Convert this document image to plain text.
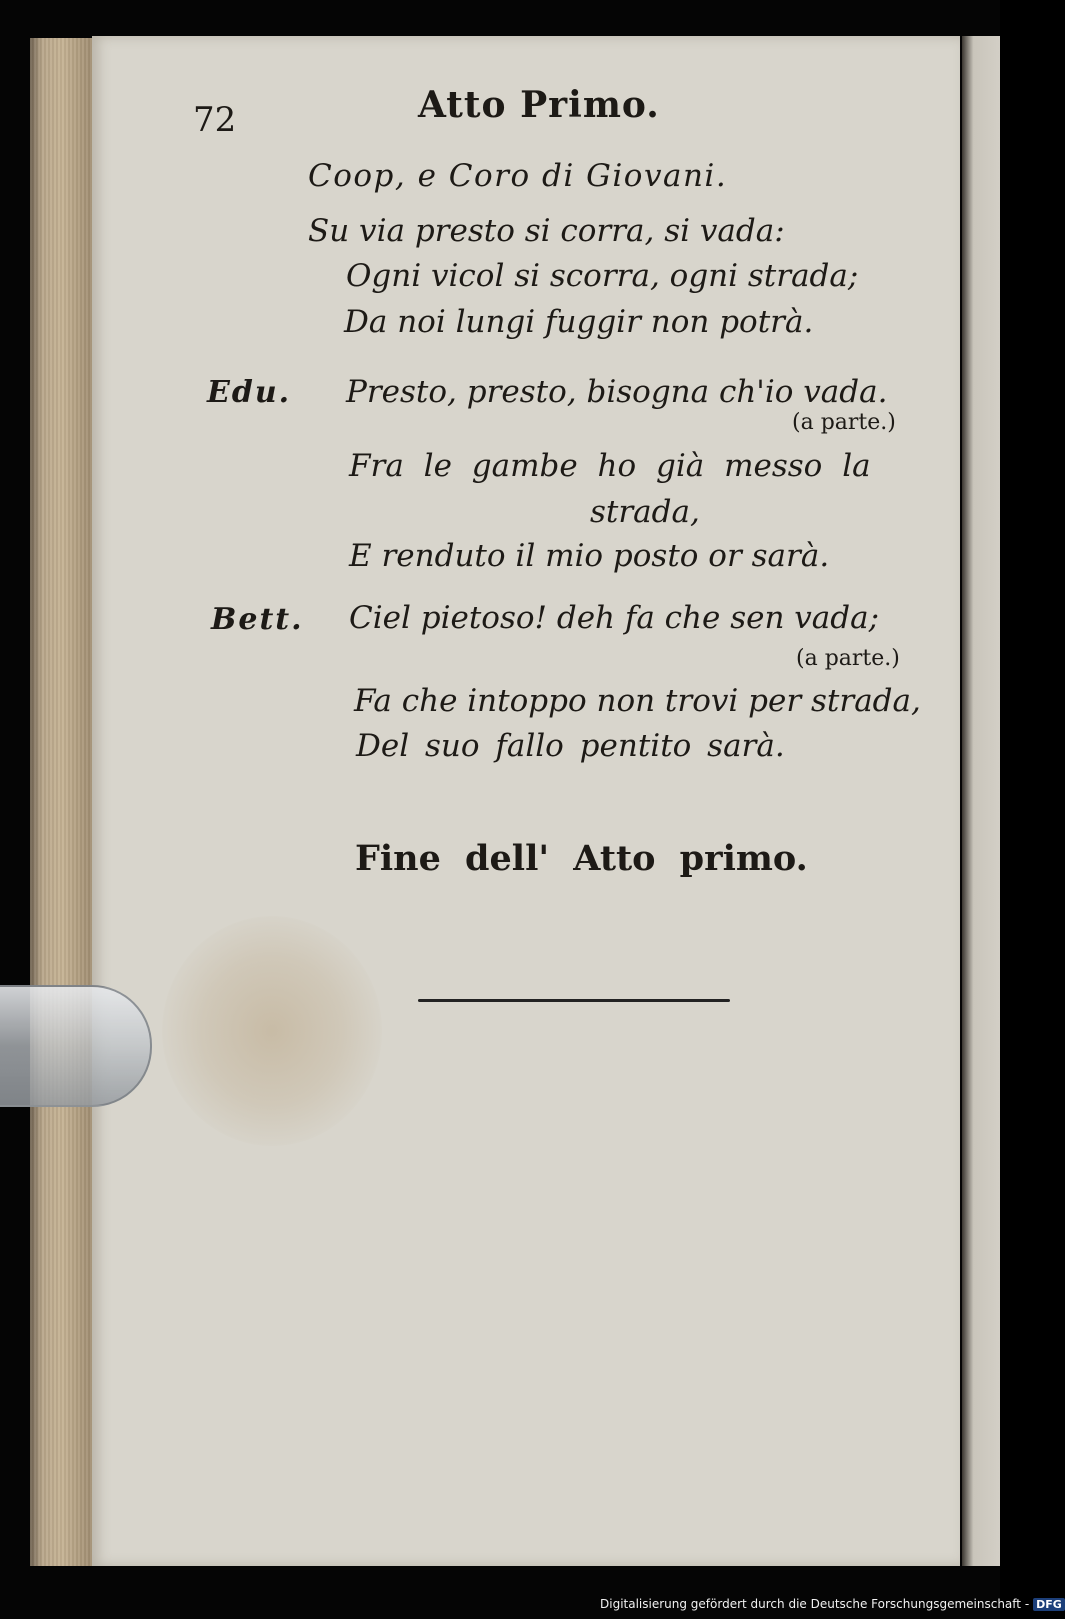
72	Atto Primo.
Coop, e Coro di Giovani.
Su via presto si corra, si vada:
Ogni vicol si scorra, ogni strada;
Da noi lungi fuggir non potrà.
Edu. Presto, presto, bisogna ch'io vada.
(a parte.)
Fra le gambe ho già messo la
strada,
E renduto il mio posto or sarà.
Bett. Ciel pietoso! deh fa che sen vada;
(a parte.)
Fa che intoppo non trovi per strada,
Del suo fallo pentito sarà.
Fine dell' Atto primo.
Digitalisierung gefördert durch die Deutsche Forschungsgemeinschaft - DFG
